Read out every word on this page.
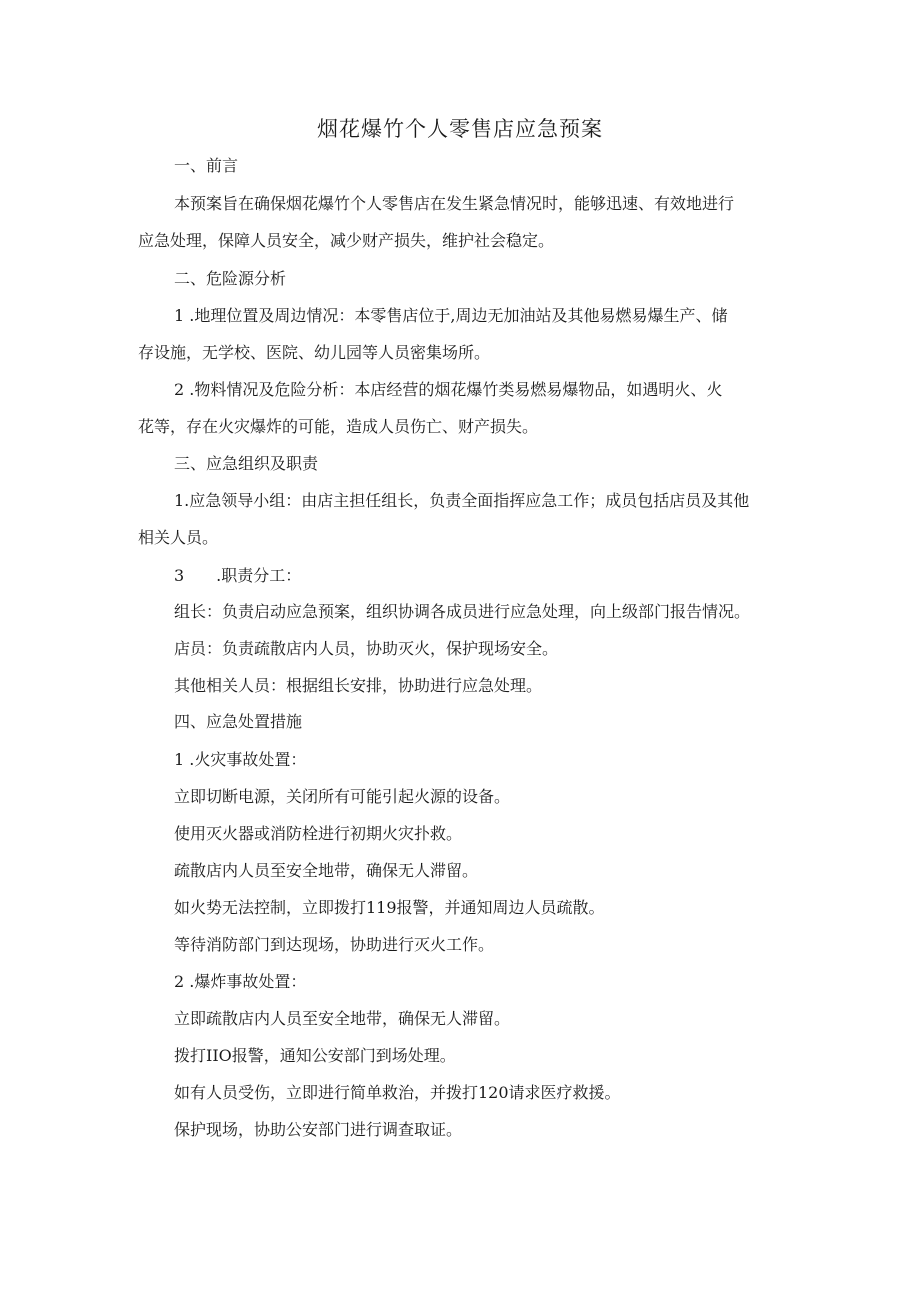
烟花爆竹个人零售店应急预案
一、前言
本预案旨在确保烟花爆竹个人零售店在发生紧急情况时，能够迅速、有效地进行
应急处理，保障人员安全，减少财产损失，维护社会稳定。
二、危险源分析
1 .地理位置及周边情况：本零售店位于,周边无加油站及其他易燃易爆生产、储
存设施，无学校、医院、幼儿园等人员密集场所。
2 .物料情况及危险分析：本店经营的烟花爆竹类易燃易爆物品，如遇明火、火
花等，存在火灾爆炸的可能，造成人员伤亡、财产损失。
三、应急组织及职责
1.应急领导小组：由店主担任组长，负责全面指挥应急工作；成员包括店员及其他
相关人员。
3　　.职责分工：
组长：负责启动应急预案，组织协调各成员进行应急处理，向上级部门报告情况。
店员：负责疏散店内人员，协助灭火，保护现场安全。
其他相关人员：根据组长安排，协助进行应急处理。
四、应急处置措施
1 .火灾事故处置：
立即切断电源，关闭所有可能引起火源的设备。
使用灭火器或消防栓进行初期火灾扑救。
疏散店内人员至安全地带，确保无人滞留。
如火势无法控制，立即拨打119报警，并通知周边人员疏散。
等待消防部门到达现场，协助进行灭火工作。
2 .爆炸事故处置：
立即疏散店内人员至安全地带，确保无人滞留。
拨打IIO报警，通知公安部门到场处理。
如有人员受伤，立即进行简单救治，并拨打120请求医疗救援。
保护现场，协助公安部门进行调查取证。
